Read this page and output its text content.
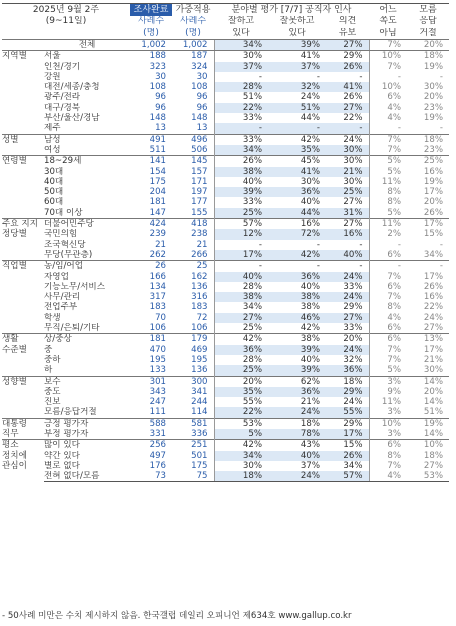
2025년 9월 2주		조사완료	가중적용	분야별 평가 [7/7] 공직자 인사			어느	모름
(9~11일)		사례수	사례수	잘하고	잘못하고	의견	쪽도	응답
		(명)	(명)	있다	있다	유보	아님	거절
	전체	1,002	1,002	34%	39%	27%	7%	20%
지역별	서울	188	187	30%	41%	29%	10%	18%
	인천/경기	323	324	37%	37%	26%	7%	19%
	강원	30	30	-	-	-	-	-
	대전/세종/충청	108	108	28%	32%	41%	10%	30%
	광주/전라	96	96	51%	24%	26%	6%	20%
	대구/경북	96	96	22%	51%	27%	4%	23%
	부산/울산/경남	148	148	33%	44%	22%	4%	19%
	제주	13	13	-	-	-	-	-
성별	남성	491	496	33%	42%	24%	7%	18%
	여성	511	506	34%	35%	30%	7%	23%
연령별	18~29세	141	145	26%	45%	30%	5%	25%
	30대	154	157	38%	41%	21%	5%	16%
	40대	175	171	40%	30%	30%	11%	19%
	50대	204	197	39%	36%	25%	8%	17%
	60대	181	177	33%	40%	27%	8%	20%
	70대 이상	147	155	25%	44%	31%	5%	26%
주요 지지 정당별	더불어민주당	424	418	57%	16%	27%	11%	17%
	국민의힘	239	238	12%	72%	16%	2%	15%
	조국혁신당	21	21	-	-	-	-	-
	무당(무관층)	262	266	17%	42%	40%	6%	34%
직업별	농/임/어업	26	25	-	-	-	-	-
	자영업	166	162	40%	36%	24%	7%	17%
	기능노무/서비스	134	136	28%	40%	33%	6%	26%
	사무/관리	317	316	38%	38%	24%	7%	16%
	전업주부	183	183	34%	38%	29%	8%	22%
	학생	70	72	27%	46%	27%	4%	24%
	무직/은퇴/기타	106	106	25%	42%	33%	6%	27%
생활 수준별	상/중상	181	179	42%	38%	20%	6%	13%
	중	470	469	36%	39%	24%	7%	17%
	중하	195	195	28%	40%	32%	7%	21%
	하	133	136	25%	39%	36%	5%	30%
성향별	보수	301	300	20%	62%	18%	3%	14%
	중도	343	341	35%	36%	29%	9%	20%
	진보	247	244	55%	21%	24%	11%	14%
	모름/응답거절	111	114	22%	24%	55%	3%	51%
대통령 직무	긍정 평가자	588	581	53%	18%	29%	10%	19%
	부정 평가자	331	336	5%	78%	17%	3%	14%
평소 정치에 관심이	많이 있다	256	251	42%	43%	15%	6%	10%
	약간 있다	497	501	34%	40%	26%	8%	18%
	별로 없다	176	175	30%	37%	34%	7%	27%
	전혀 없다/모름	73	75	18%	24%	57%	4%	53%
- 50사례 미만은 수치 제시하지 않음. 한국갤럽 데일리 오피니언 제634호 www.gallup.co.kr
